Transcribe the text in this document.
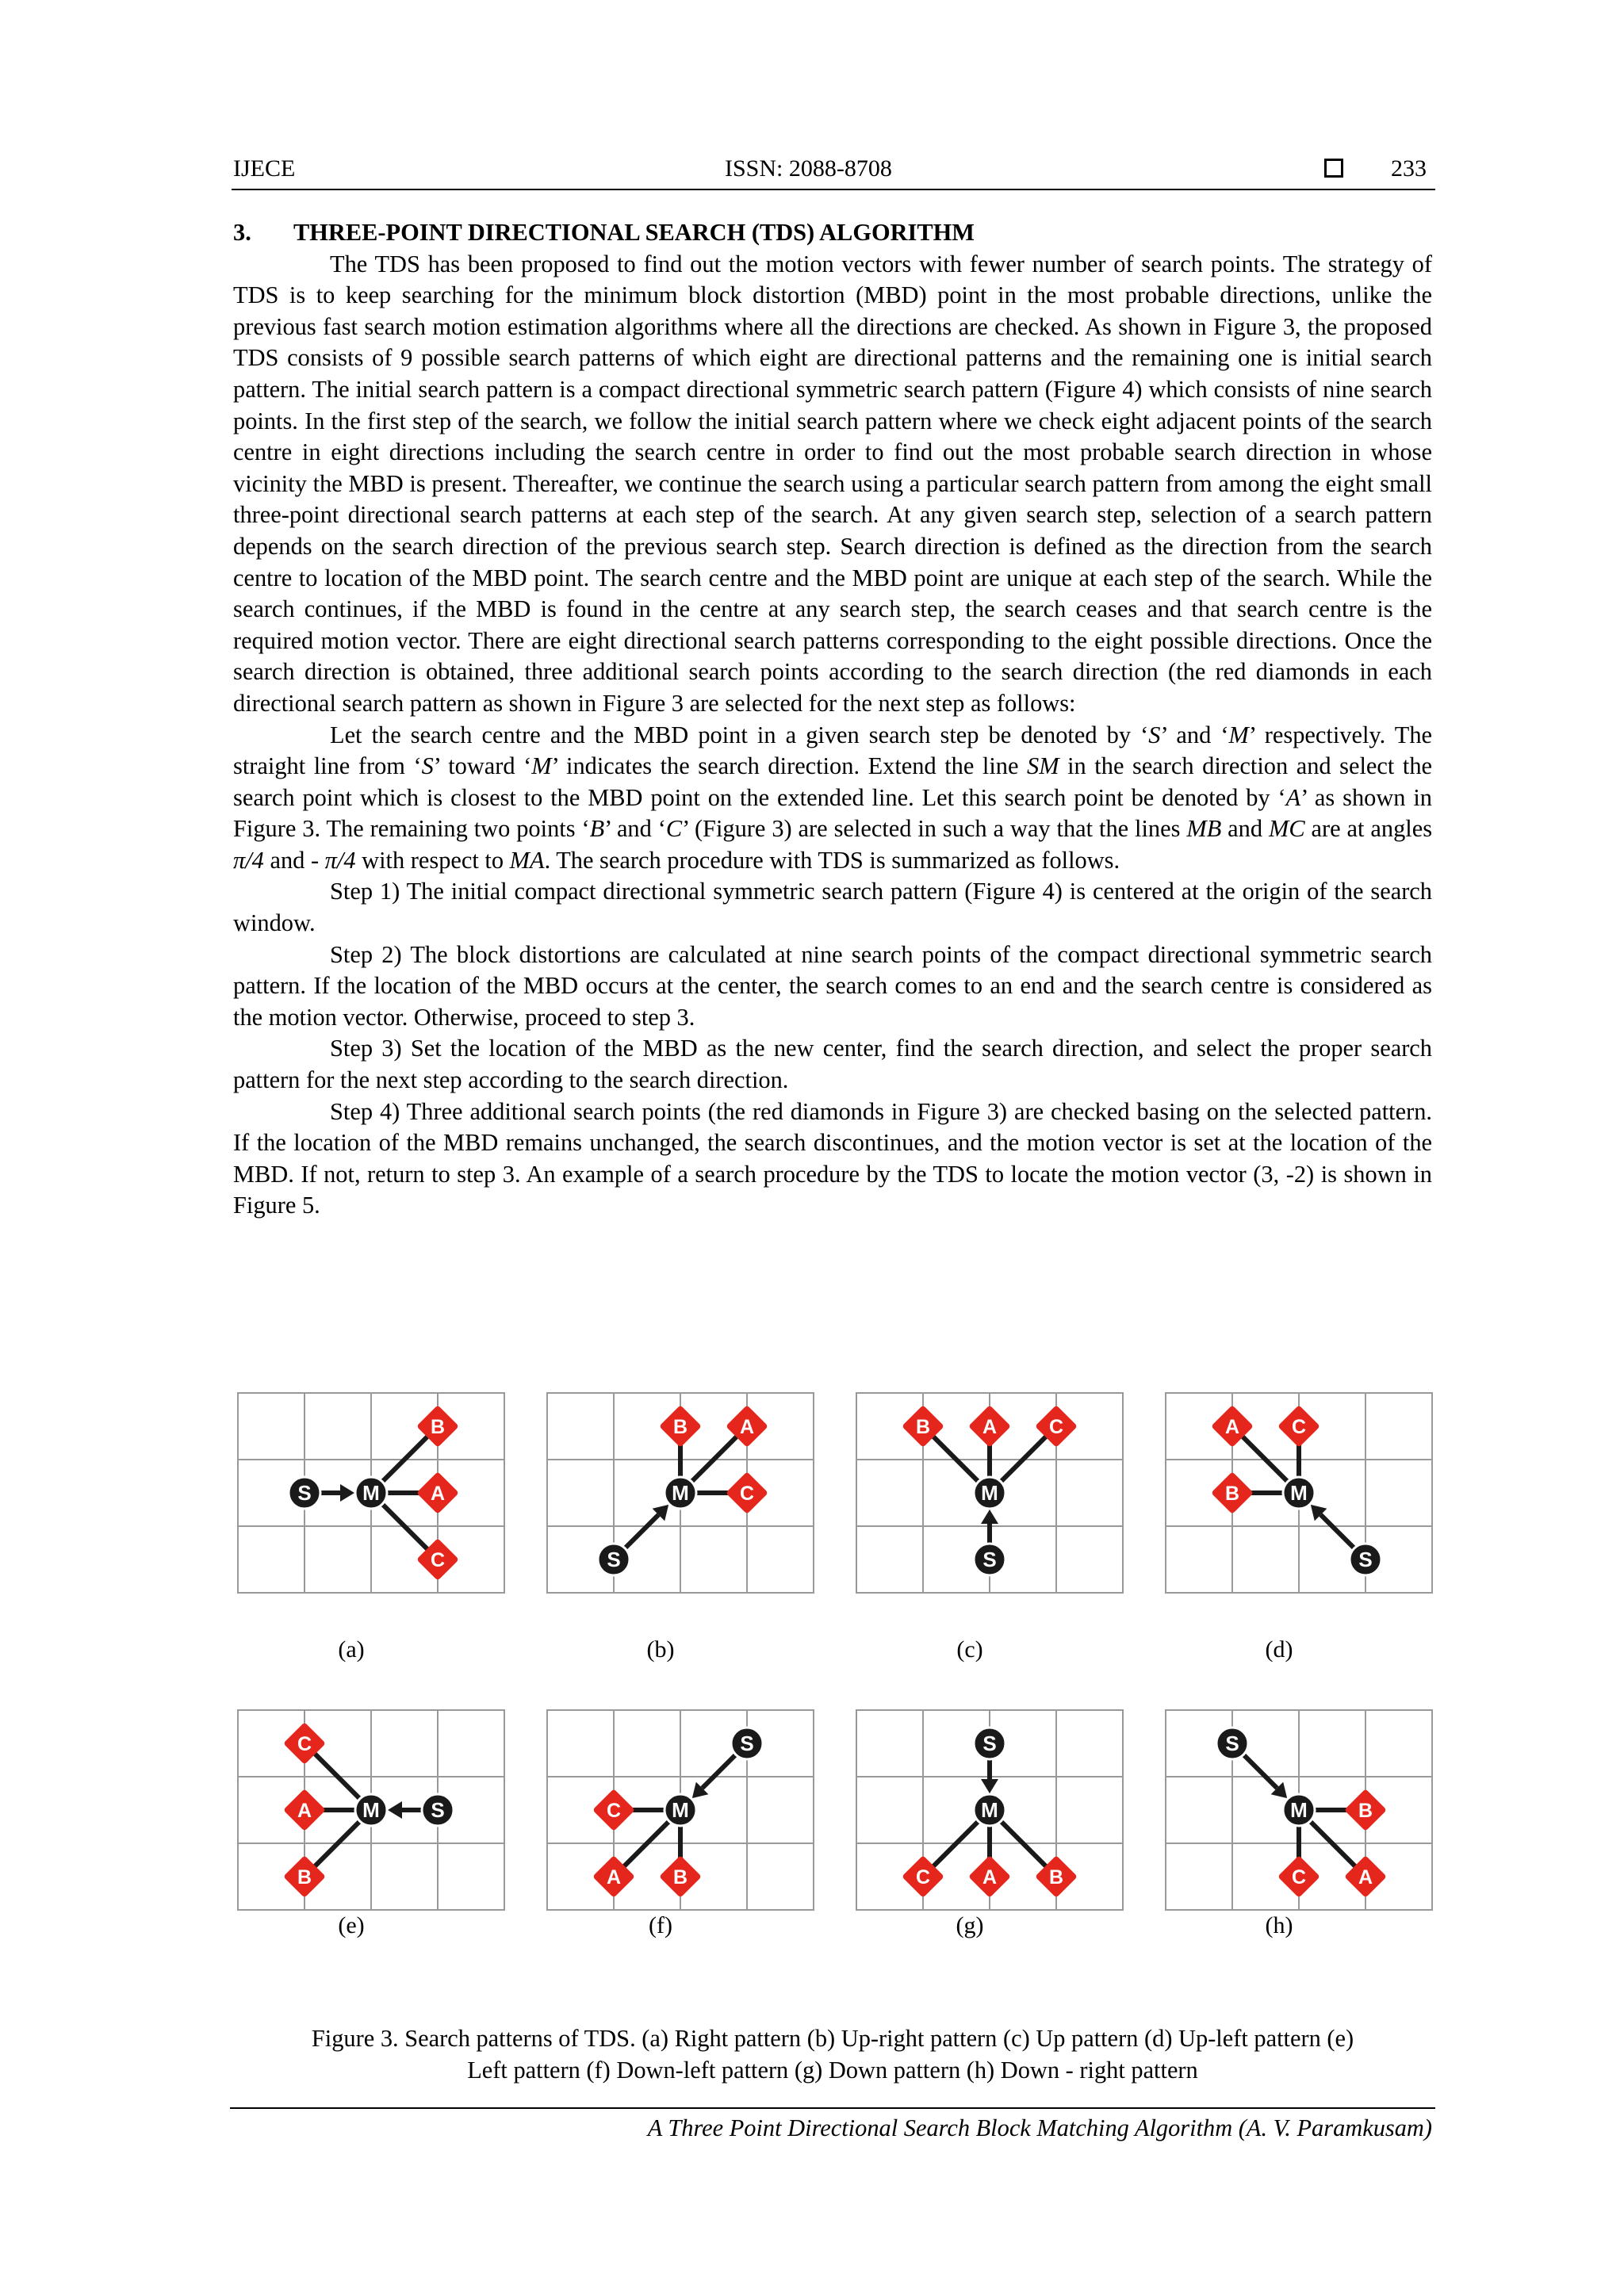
IJECE	ISSN: 2088-8708	233

3. THREE-POINT DIRECTIONAL SEARCH (TDS) ALGORITHM

The TDS has been proposed to find out the motion vectors with fewer number of search points. The strategy of TDS is to keep searching for the minimum block distortion (MBD) point in the most probable directions, unlike the previous fast search motion estimation algorithms where all the directions are checked. As shown in Figure 3, the proposed TDS consists of 9 possible search patterns of which eight are directional patterns and the remaining one is initial search pattern. The initial search pattern is a compact directional symmetric search pattern (Figure 4) which consists of nine search points. In the first step of the search, we follow the initial search pattern where we check eight adjacent points of the search centre in eight directions including the search centre in order to find out the most probable search direction in whose vicinity the MBD is present. Thereafter, we continue the search using a particular search pattern from among the eight small three-point directional search patterns at each step of the search. At any given search step, selection of a search pattern depends on the search direction of the previous search step. Search direction is defined as the direction from the search centre to location of the MBD point. The search centre and the MBD point are unique at each step of the search. While the search continues, if the MBD is found in the centre at any search step, the search ceases and that search centre is the required motion vector. There are eight directional search patterns corresponding to the eight possible directions. Once the search direction is obtained, three additional search points according to the search direction (the red diamonds in each directional search pattern as shown in Figure 3 are selected for the next step as follows:

Let the search centre and the MBD point in a given search step be denoted by ‘S’ and ‘M’ respectively. The straight line from ‘S’ toward ‘M’ indicates the search direction. Extend the line SM in the search direction and select the search point which is closest to the MBD point on the extended line. Let this search point be denoted by ‘A’ as shown in Figure 3. The remaining two points ‘B’ and ‘C’ (Figure 3) are selected in such a way that the lines MB and MC are at angles π/4 and - π/4 with respect to MA. The search procedure with TDS is summarized as follows.

Step 1) The initial compact directional symmetric search pattern (Figure 4) is centered at the origin of the search window.

Step 2) The block distortions are calculated at nine search points of the compact directional symmetric search pattern. If the location of the MBD occurs at the center, the search comes to an end and the search centre is considered as the motion vector. Otherwise, proceed to step 3.

Step 3) Set the location of the MBD as the new center, find the search direction, and select the proper search pattern for the next step according to the search direction.

Step 4) Three additional search points (the red diamonds in Figure 3) are checked basing on the selected pattern. If the location of the MBD remains unchanged, the search discontinues, and the motion vector is set at the location of the MBD. If not, return to step 3. An example of a search procedure by the TDS to locate the motion vector (3, -2) is shown in Figure 5.

A
B
C
S M
A
B
C
S
M
A
B	C
S
M
A
B
C
S
M
A
B
C
S
M
A	B
C
S
M
A	B
C
S
M
A
B
C
S
M
(a)	(b)	(c)	(d)
(e)	(f)	(g)	(h)

Figure 3. Search patterns of TDS. (a) Right pattern (b) Up-right pattern (c) Up pattern (d) Up-left pattern (e)

Left pattern (f) Down-left pattern (g) Down pattern (h) Down - right pattern

A Three Point Directional Search Block Matching Algorithm (A. V. Paramkusam)
